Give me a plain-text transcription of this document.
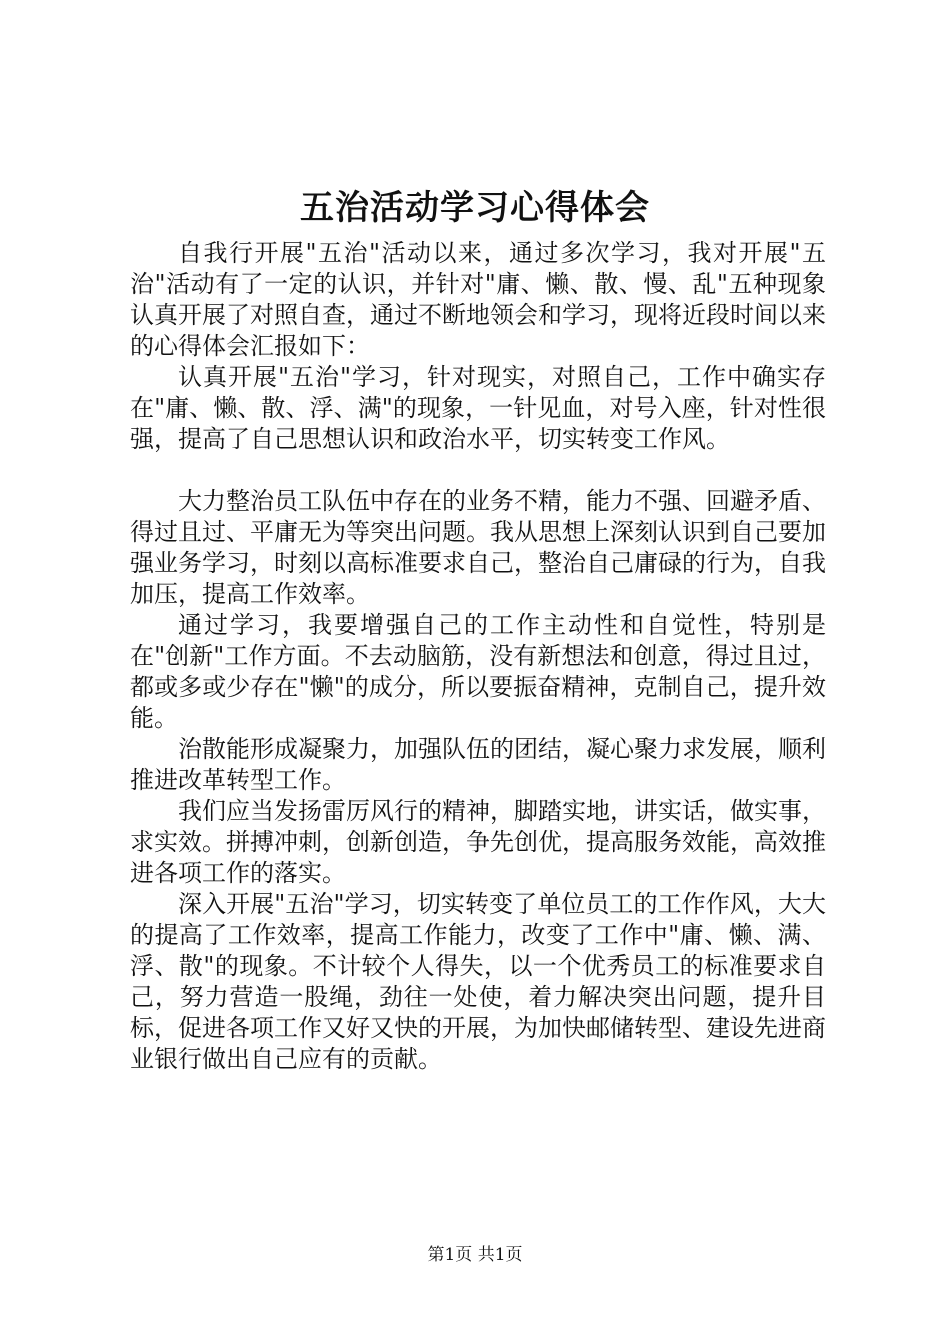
五治活动学习心得体会

自我行开展"五治"活动以来，通过多次学习，我对开展"五治"活动有了一定的认识，并针对"庸、懒、散、慢、乱"五种现象认真开展了对照自查，通过不断地领会和学习，现将近段时间以来的心得体会汇报如下：

认真开展"五治"学习，针对现实，对照自己，工作中确实存在"庸、懒、散、浮、满"的现象，一针见血，对号入座，针对性很强，提高了自己思想认识和政治水平，切实转变工作风。

大力整治员工队伍中存在的业务不精，能力不强、回避矛盾、得过且过、平庸无为等突出问题。我从思想上深刻认识到自己要加强业务学习，时刻以高标准要求自己，整治自己庸碌的行为，自我加压，提高工作效率。

通过学习，我要增强自己的工作主动性和自觉性，特别是在"创新"工作方面。不去动脑筋，没有新想法和创意，得过且过，都或多或少存在"懒"的成分，所以要振奋精神，克制自己，提升效能。

治散能形成凝聚力，加强队伍的团结，凝心聚力求发展，顺利推进改革转型工作。

我们应当发扬雷厉风行的精神，脚踏实地，讲实话，做实事，求实效。拼搏冲刺，创新创造，争先创优，提高服务效能，高效推进各项工作的落实。

深入开展"五治"学习，切实转变了单位员工的工作作风，大大的提高了工作效率，提高工作能力，改变了工作中"庸、懒、满、浮、散"的现象。不计较个人得失，以一个优秀员工的标准要求自己，努力营造一股绳，劲往一处使，着力解决突出问题，提升目标，促进各项工作又好又快的开展，为加快邮储转型、建设先进商业银行做出自己应有的贡献。

第1页 共1页
